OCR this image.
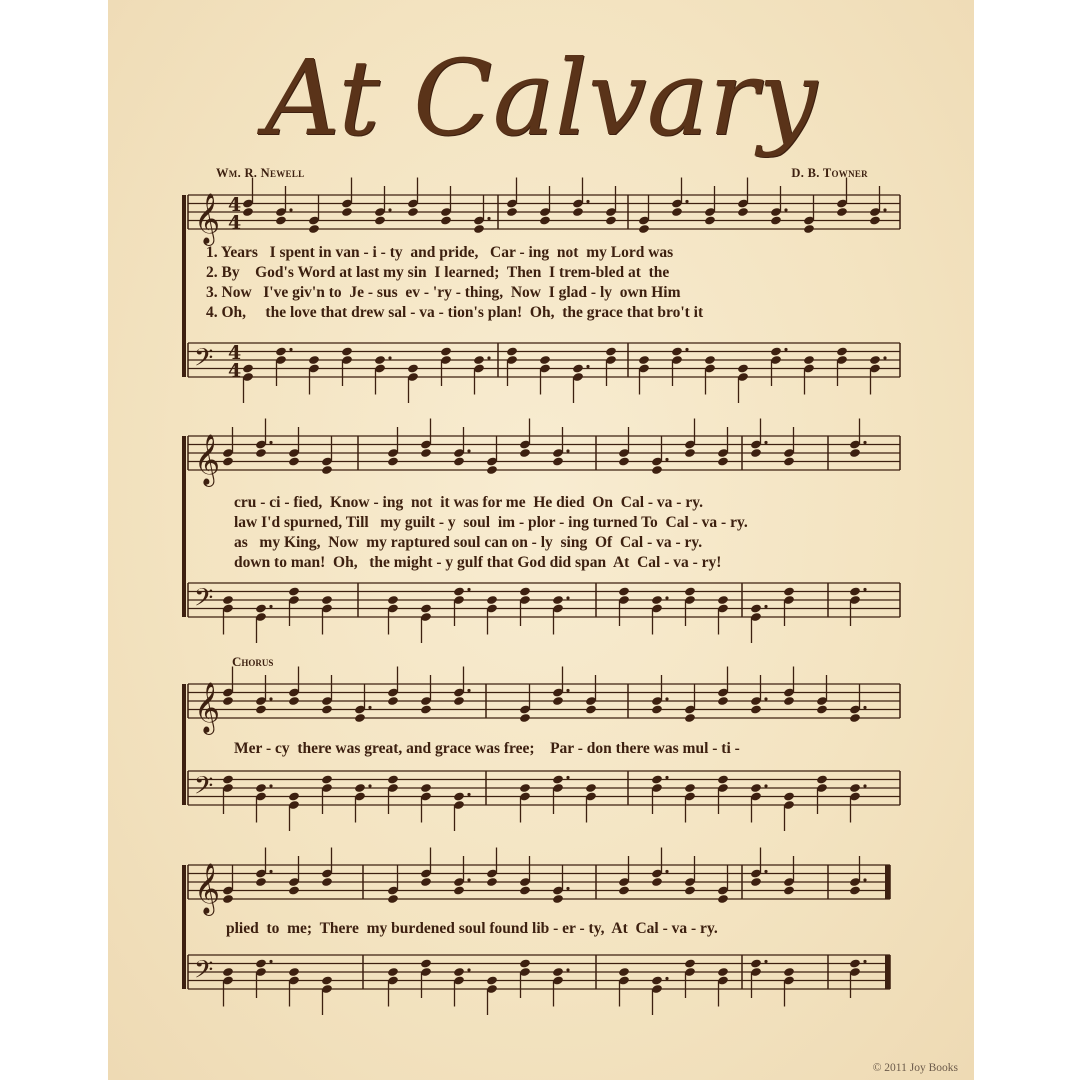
At Calvary
Wm. R. Newell	D. B. Towner
𝄞 4
4
𝄢 4
4
𝄞
𝄢
𝄞
𝄢
𝄞
𝄢
1. Years   I spent in van - i - ty  and pride,   Car - ing  not  my Lord was
2. By    God's Word at last my sin  I learned;  Then  I trem-bled at  the
3. Now   I've giv'n to  Je - sus  ev - 'ry - thing,  Now  I glad - ly  own Him
4. Oh,     the love that drew sal - va - tion's plan!  Oh,  the grace that bro't it
cru - ci - fied,  Know - ing  not  it was for me  He died  On  Cal - va - ry.
law I'd spurned, Till   my guilt - y  soul  im - plor - ing turned To  Cal - va - ry.
as   my King,  Now  my raptured soul can on - ly  sing  Of  Cal - va - ry.
down to man!  Oh,   the might - y gulf that God did span  At  Cal - va - ry!
Chorus
Mer - cy  there was great, and grace was free;    Par - don there was mul - ti -
plied  to  me;  There  my burdened soul found lib - er - ty,  At  Cal - va - ry.
© 2011 Joy Books
